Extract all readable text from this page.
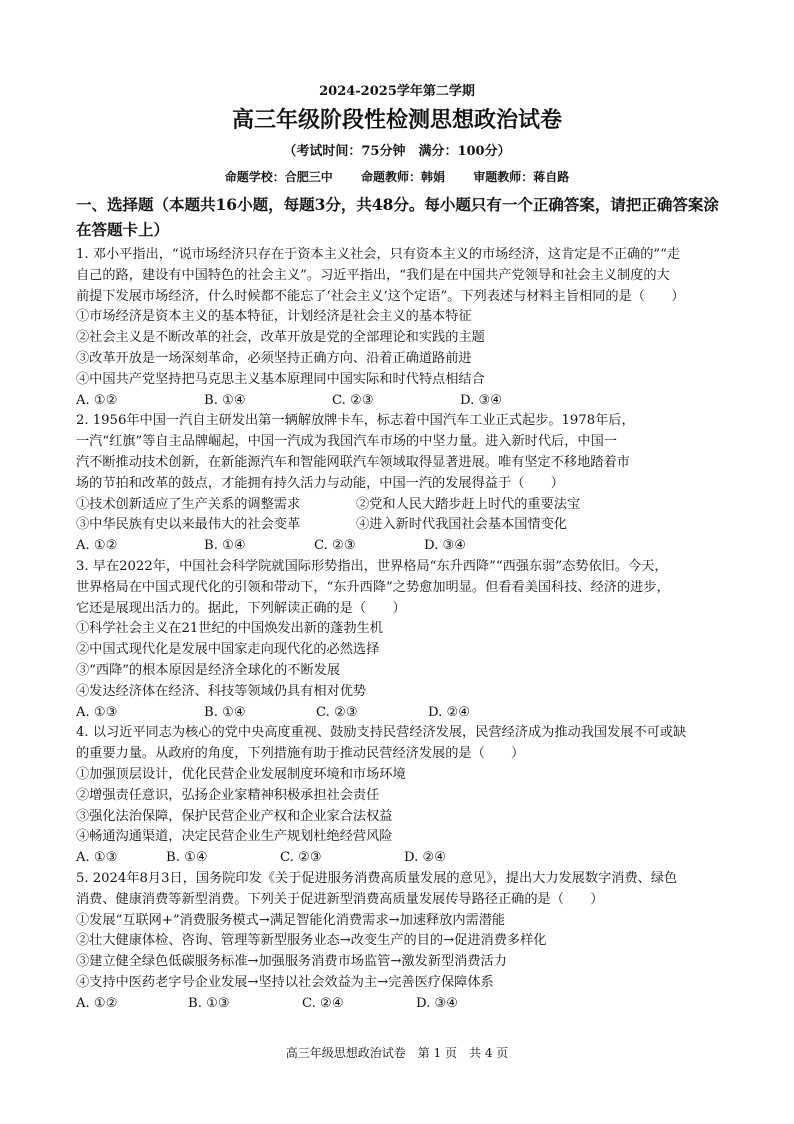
2024-2025学年第二学期
高三年级阶段性检测思想政治试卷
（考试时间：75分钟　满分：100分）
命题学校：合肥三中 命题教师：韩娟 审题教师：蒋自路
一、选择题（本题共16小题，每题3分，共48分。每小题只有一个正确答案，请把正确答案涂在答题卡上）

1. 邓小平指出，“说市场经济只存在于资本主义社会，只有资本主义的市场经济，这肯定是不正确的”“走

自己的路，建设有中国特色的社会主义”。习近平指出，“我们是在中国共产党领导和社会主义制度的大

前提下发展市场经济，什么时候都不能忘了‘社会主义’这个定语”。下列表述与材料主旨相同的是（　　）

①市场经济是资本主义的基本特征，计划经济是社会主义的基本特征

②社会主义是不断改革的社会，改革开放是党的全部理论和实践的主题

③改革开放是一场深刻革命，必须坚持正确方向、沿着正确道路前进

④中国共产党坚持把马克思主义基本原理同中国实际和时代特点相结合

A. ①②	B. ①④	C. ②③	D. ③④

2. 1956年中国一汽自主研发出第一辆解放牌卡车，标志着中国汽车工业正式起步。1978年后，

一汽“红旗”等自主品牌崛起，中国一汽成为我国汽车市场的中坚力量。进入新时代后，中国一

汽不断推动技术创新，在新能源汽车和智能网联汽车领域取得显著进展。唯有坚定不移地踏着市

场的节拍和改革的鼓点，才能拥有持久活力与动能，中国一汽的发展得益于（　　）

①技术创新适应了生产关系的调整需求	②党和人民大踏步赶上时代的重要法宝
③中华民族有史以来最伟大的社会变革	④进入新时代我国社会基本国情变化
A. ①②	B. ①④	C. ②③	D. ③④

3. 早在2022年，中国社会科学院就国际形势指出，世界格局“东升西降”“西强东弱”态势依旧。今天，

世界格局在中国式现代化的引领和带动下，“东升西降”之势愈加明显。但看看美国科技、经济的进步，

它还是展现出活力的。据此，下列解读正确的是（　　）

①科学社会主义在21世纪的中国焕发出新的蓬勃生机

②中国式现代化是发展中国家走向现代化的必然选择

③“西降”的根本原因是经济全球化的不断发展

④发达经济体在经济、科技等领域仍具有相对优势

A. ①③	B. ①④	C. ②③	D. ②④

4. 以习近平同志为核心的党中央高度重视、鼓励支持民营经济发展，民营经济成为推动我国发展不可或缺

的重要力量。从政府的角度，下列措施有助于推动民营经济发展的是（　　）

①加强顶层设计，优化民营企业发展制度环境和市场环境

②增强责任意识，弘扬企业家精神积极承担社会责任

③强化法治保障，保护民营企业产权和企业家合法权益

④畅通沟通渠道，决定民营企业生产规划杜绝经营风险

A. ①③	B. ①④	C. ②③	D. ②④

5. 2024年8月3日，国务院印发《关于促进服务消费高质量发展的意见》，提出大力发展数字消费、绿色

消费、健康消费等新型消费。下列关于促进新型消费高质量发展传导路径正确的是（　　）

①发展“互联网+”消费服务模式→满足智能化消费需求→加速释放内需潜能

②壮大健康体检、咨询、管理等新型服务业态→改变生产的目的→促进消费多样化

③建立健全绿色低碳服务标准→加强服务消费市场监管→激发新型消费活力

④支持中医药老字号企业发展→坚持以社会效益为主→完善医疗保障体系

A. ①②	B. ①③	C. ②④	D. ③④
高三年级思想政治试卷　第 1 页　共 4 页
